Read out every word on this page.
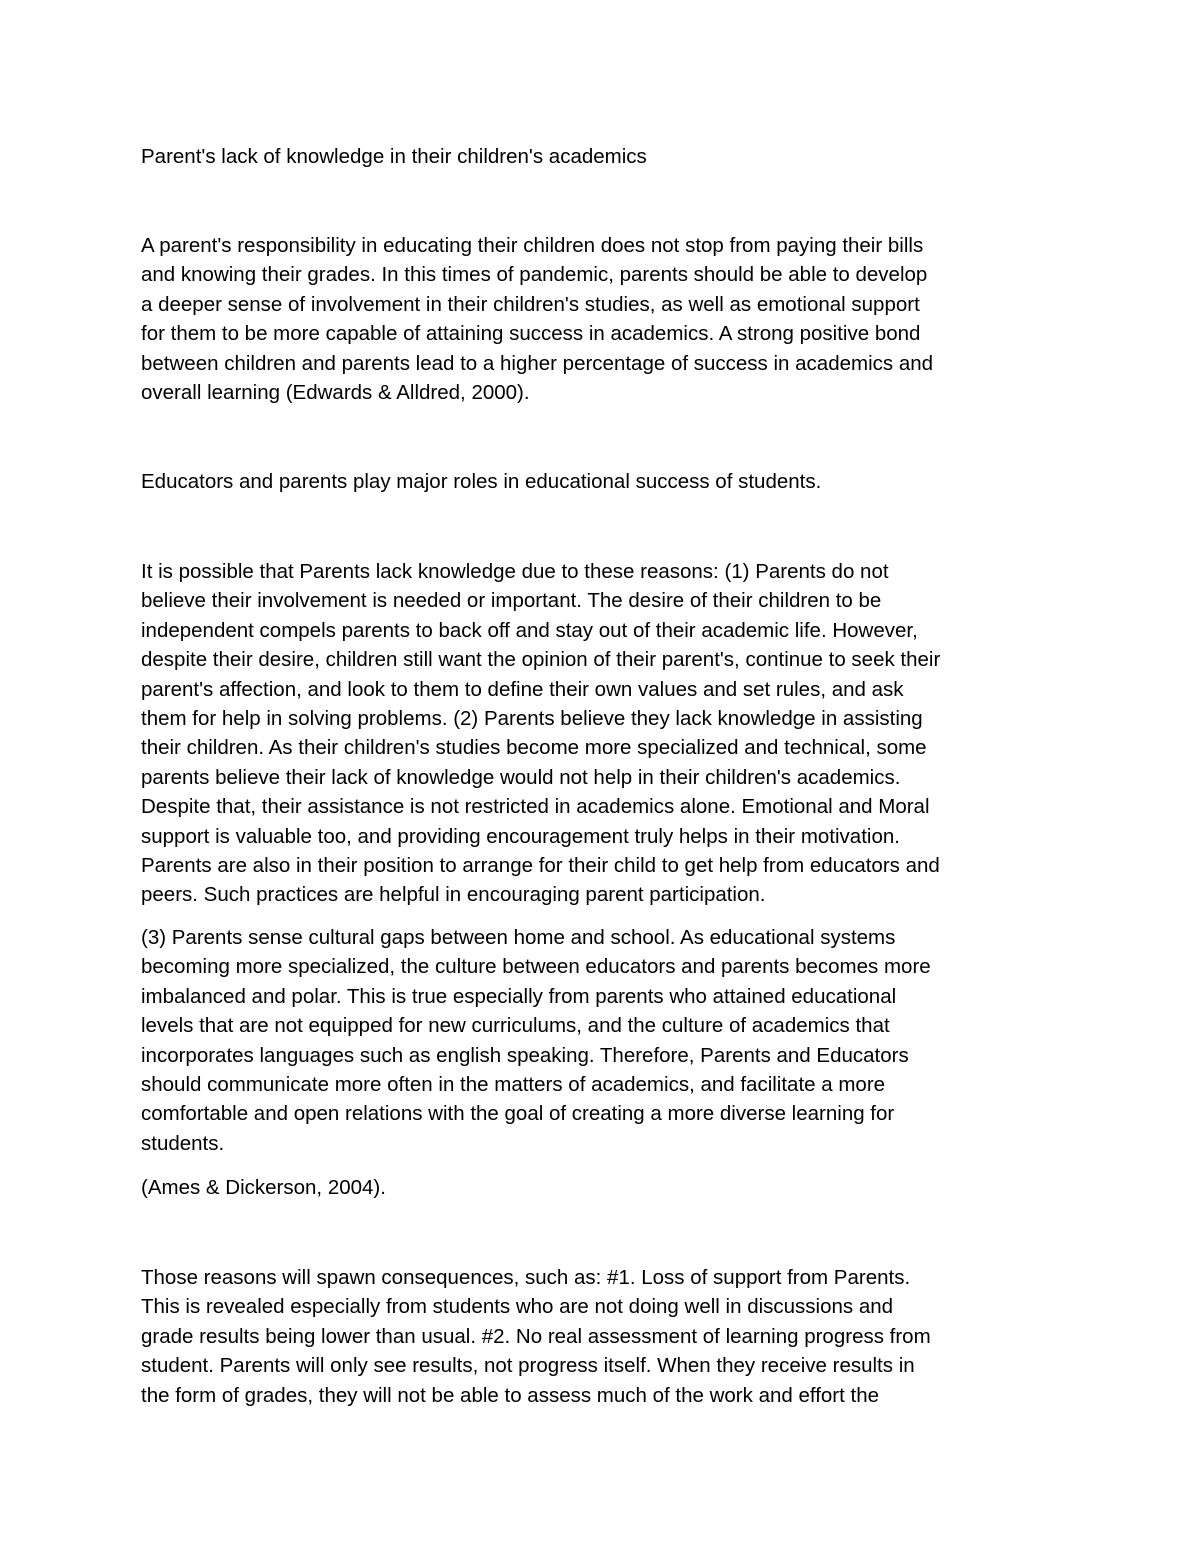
Parent's lack of knowledge in their children's academics

A parent's responsibility in educating their children does not stop from paying their bills
and knowing their grades. In this times of pandemic, parents should be able to develop
a deeper sense of involvement in their children's studies, as well as emotional support
for them to be more capable of attaining success in academics. A strong positive bond
between children and parents lead to a higher percentage of success in academics and
overall learning (Edwards & Alldred, 2000).

Educators and parents play major roles in educational success of students.

It is possible that Parents lack knowledge due to these reasons: (1) Parents do not
believe their involvement is needed or important. The desire of their children to be
independent compels parents to back off and stay out of their academic life. However,
despite their desire, children still want the opinion of their parent's, continue to seek their
parent's affection, and look to them to define their own values and set rules, and ask
them for help in solving problems. (2) Parents believe they lack knowledge in assisting
their children. As their children's studies become more specialized and technical, some
parents believe their lack of knowledge would not help in their children's academics.
Despite that, their assistance is not restricted in academics alone. Emotional and Moral
support is valuable too, and providing encouragement truly helps in their motivation.
Parents are also in their position to arrange for their child to get help from educators and
peers. Such practices are helpful in encouraging parent participation.

(3) Parents sense cultural gaps between home and school. As educational systems
becoming more specialized, the culture between educators and parents becomes more
imbalanced and polar. This is true especially from parents who attained educational
levels that are not equipped for new curriculums, and the culture of academics that
incorporates languages such as english speaking. Therefore, Parents and Educators
should communicate more often in the matters of academics, and facilitate a more
comfortable and open relations with the goal of creating a more diverse learning for
students.

(Ames & Dickerson, 2004).

Those reasons will spawn consequences, such as: #1. Loss of support from Parents.
This is revealed especially from students who are not doing well in discussions and
grade results being lower than usual. #2. No real assessment of learning progress from
student. Parents will only see results, not progress itself. When they receive results in
the form of grades, they will not be able to assess much of the work and effort the
